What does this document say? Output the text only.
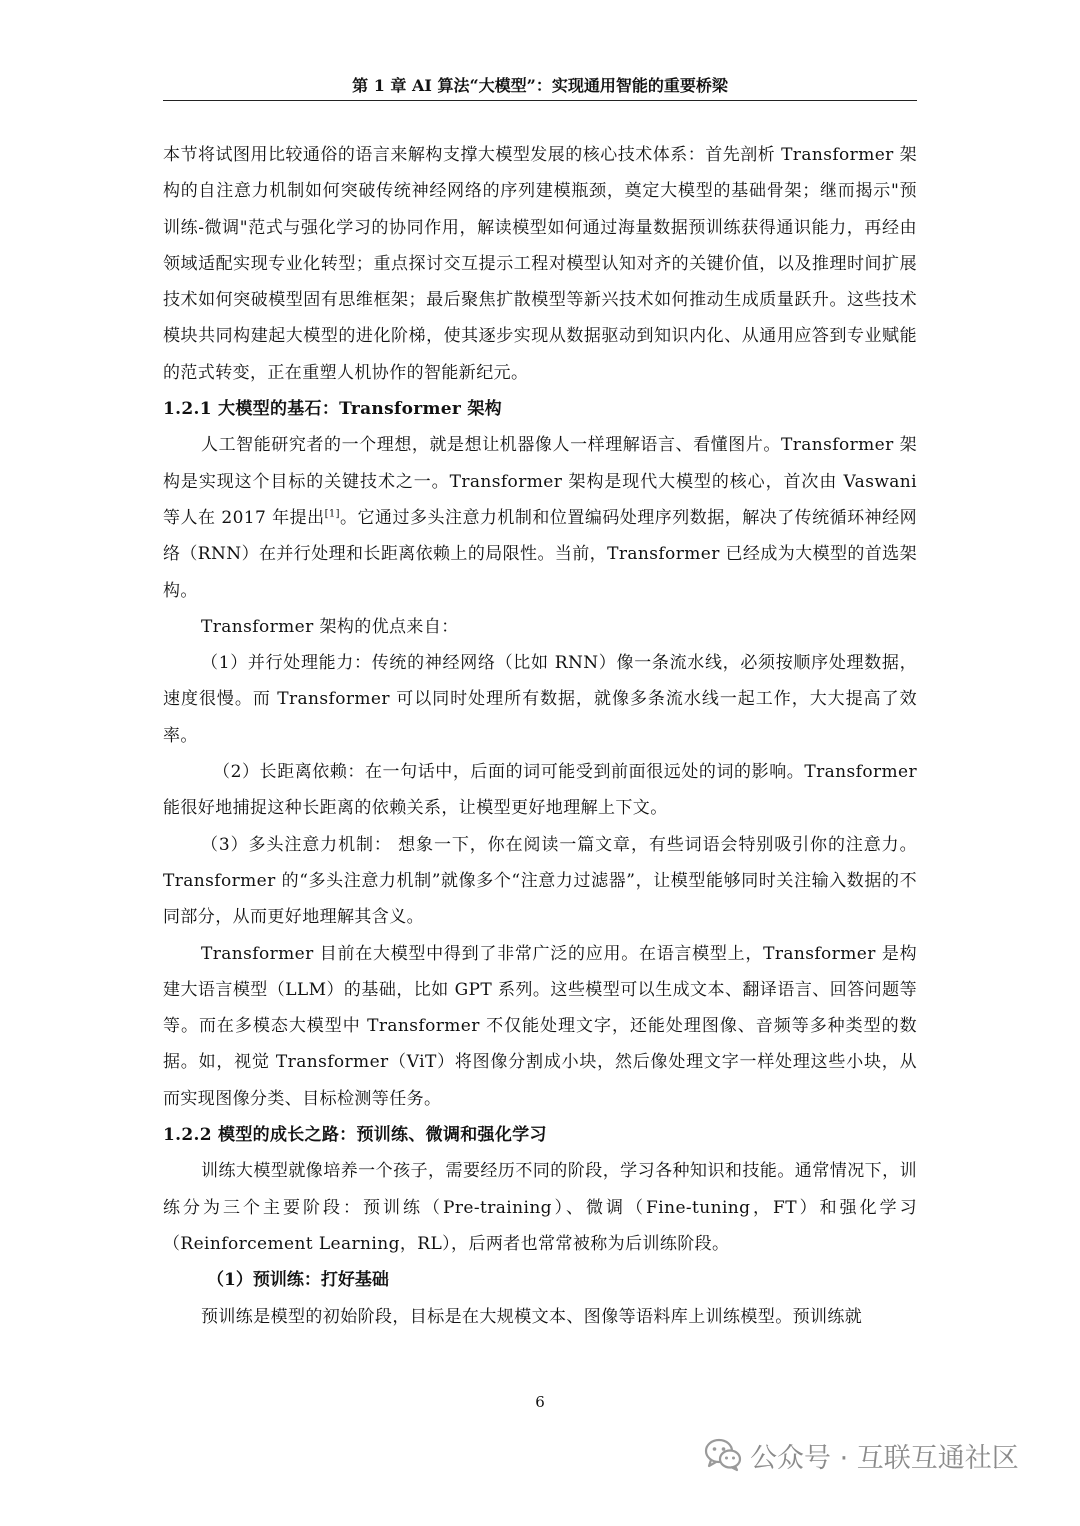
第 1 章 AI 算法“大模型”：实现通用智能的重要桥梁

本节将试图用比较通俗的语言来解构支撑大模型发展的核心技术体系：首先剖析 Transformer 架构的自注意力机制如何突破传统神经网络的序列建模瓶颈，奠定大模型的基础骨架；继而揭示"预训练-微调"范式与强化学习的协同作用，解读模型如何通过海量数据预训练获得通识能力，再经由领域适配实现专业化转型；重点探讨交互提示工程对模型认知对齐的关键价值，以及推理时间扩展技术如何突破模型固有思维框架；最后聚焦扩散模型等新兴技术如何推动生成质量跃升。这些技术模块共同构建起大模型的进化阶梯，使其逐步实现从数据驱动到知识内化、从通用应答到专业赋能的范式转变，正在重塑人机协作的智能新纪元。

1.2.1 大模型的基石：Transformer 架构

人工智能研究者的一个理想，就是想让机器像人一样理解语言、看懂图片。Transformer 架构是实现这个目标的关键技术之一。Transformer 架构是现代大模型的核心，首次由 Vaswani 等人在 2017 年提出[1]。它通过多头注意力机制和位置编码处理序列数据，解决了传统循环神经网络（RNN）在并行处理和长距离依赖上的局限性。当前，Transformer 已经成为大模型的首选架构。

Transformer 架构的优点来自：

（1）并行处理能力：传统的神经网络（比如 RNN）像一条流水线，必须按顺序处理数据，速度很慢。而 Transformer 可以同时处理所有数据，就像多条流水线一起工作，大大提高了效率。

（2）长距离依赖：在一句话中，后面的词可能受到前面很远处的词的影响。Transformer 能很好地捕捉这种长距离的依赖关系，让模型更好地理解上下文。

（3）多头注意力机制： 想象一下，你在阅读一篇文章，有些词语会特别吸引你的注意力。Transformer 的“多头注意力机制”就像多个“注意力过滤器”，让模型能够同时关注输入数据的不同部分，从而更好地理解其含义。

Transformer 目前在大模型中得到了非常广泛的应用。在语言模型上，Transformer 是构建大语言模型（LLM）的基础，比如 GPT 系列。这些模型可以生成文本、翻译语言、回答问题等等。而在多模态大模型中 Transformer 不仅能处理文字，还能处理图像、音频等多种类型的数据。如，视觉 Transformer（ViT）将图像分割成小块，然后像处理文字一样处理这些小块，从而实现图像分类、目标检测等任务。

1.2.2 模型的成长之路：预训练、微调和强化学习

训练大模型就像培养一个孩子，需要经历不同的阶段，学习各种知识和技能。通常情况下，训练分为三个主要阶段：预训练（Pre-training）、微调（Fine-tuning，FT）和强化学习（Reinforcement Learning，RL），后两者也常常被称为后训练阶段。

（1）预训练：打好基础

预训练是模型的初始阶段，目标是在大规模文本、图像等语料库上训练模型。预训练就

6
公众号 · 互联互通社区
